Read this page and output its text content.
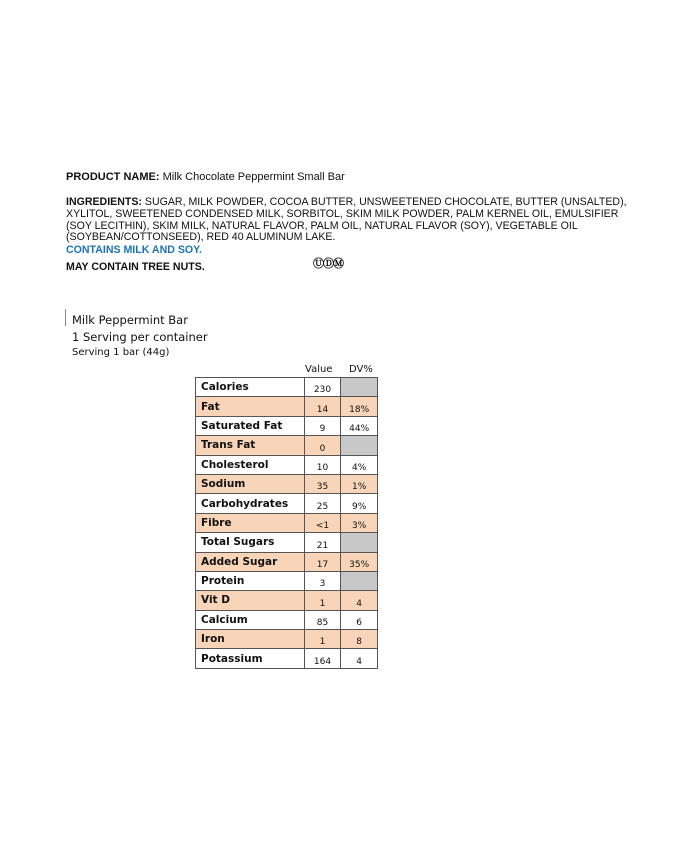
PRODUCT NAME: Milk Chocolate Peppermint Small Bar
INGREDIENTS: SUGAR, MILK POWDER, COCOA BUTTER, UNSWEETENED CHOCOLATE, BUTTER (UNSALTED), XYLITOL, SWEETENED CONDENSED MILK, SORBITOL, SKIM MILK POWDER, PALM KERNEL OIL, EMULSIFIER (SOY LECITHIN), SKIM MILK, NATURAL FLAVOR, PALM OIL, NATURAL FLAVOR (SOY), VEGETABLE OIL (SOYBEAN/COTTONSEED), RED 40 ALUMINUM LAKE.
CONTAINS MILK AND SOY.
MAY CONTAIN TREE NUTS.	ⓊⒹⓂ
Milk Peppermint Bar
1 Serving per container
Serving 1 bar (44g)
Value DV%
Calories	230	
Fat	14	18%
Saturated Fat	9	44%
Trans Fat	0	
Cholesterol	10	4%
Sodium	35	1%
Carbohydrates	25	9%
Fibre	<1	3%
Total Sugars	21	
Added Sugar	17	35%
Protein	3	
Vit D	1	4
Calcium	85	6
Iron	1	8
Potassium	164	4
